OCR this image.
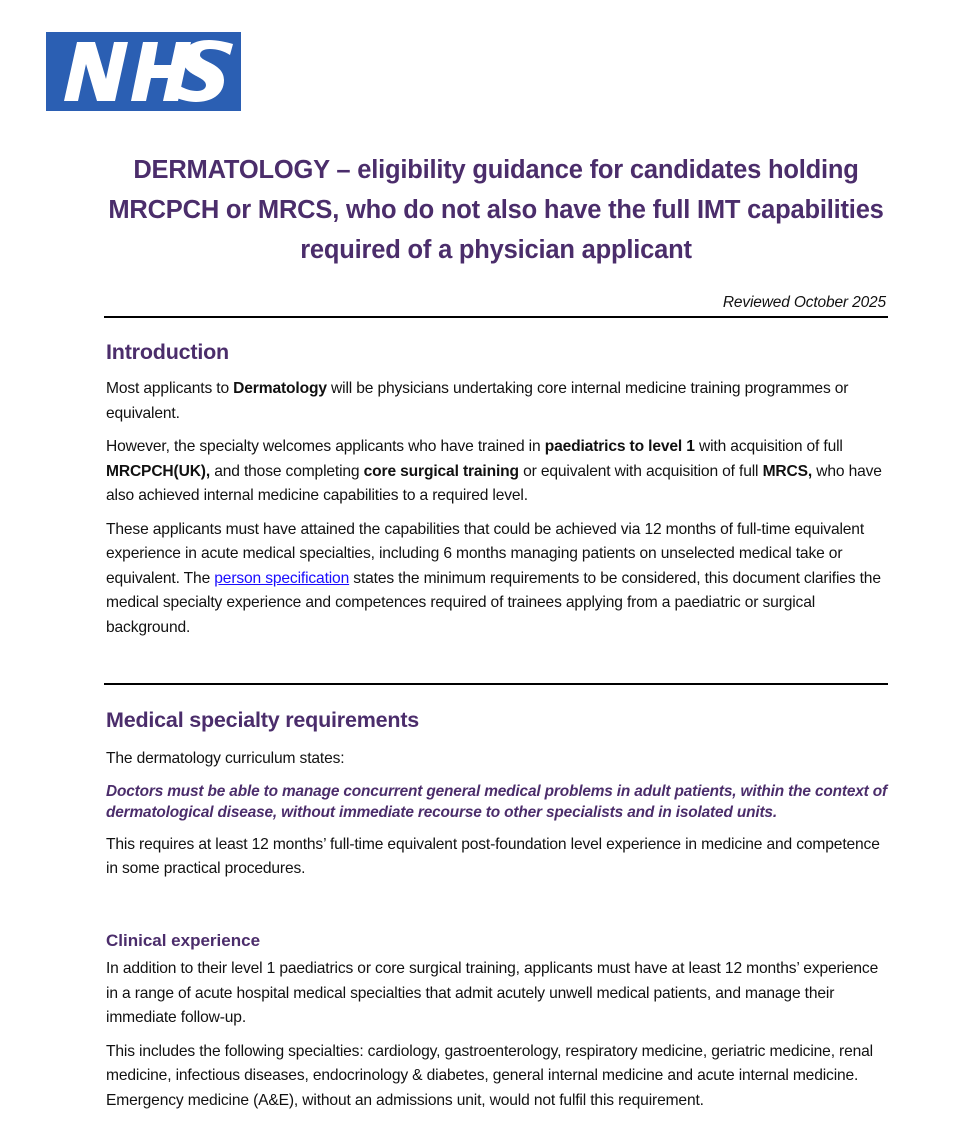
DERMATOLOGY – eligibility guidance for candidates holding MRCPCH or MRCS, who do not also have the full IMT capabilities required of a physician applicant

Reviewed October 2025

Introduction

Most applicants to Dermatology will be physicians undertaking core internal medicine training programmes or equivalent.

However, the specialty welcomes applicants who have trained in paediatrics to level 1 with acquisition of full MRCPCH(UK), and those completing core surgical training or equivalent with acquisition of full MRCS, who have also achieved internal medicine capabilities to a required level.

These applicants must have attained the capabilities that could be achieved via 12 months of full-time equivalent experience in acute medical specialties, including 6 months managing patients on unselected medical take or equivalent. The person specification states the minimum requirements to be considered, this document clarifies the medical specialty experience and competences required of trainees applying from a paediatric or surgical background.

Medical specialty requirements

The dermatology curriculum states:

Doctors must be able to manage concurrent general medical problems in adult patients, within the context of dermatological disease, without immediate recourse to other specialists and in isolated units.

This requires at least 12 months’ full-time equivalent post-foundation level experience in medicine and competence in some practical procedures.

Clinical experience

In addition to their level 1 paediatrics or core surgical training, applicants must have at least 12 months’ experience in a range of acute hospital medical specialties that admit acutely unwell medical patients, and manage their immediate follow-up.

This includes the following specialties: cardiology, gastroenterology, respiratory medicine, geriatric medicine, renal medicine, infectious diseases, endocrinology & diabetes, general internal medicine and acute internal medicine. Emergency medicine (A&E), without an admissions unit, would not fulfil this requirement.
